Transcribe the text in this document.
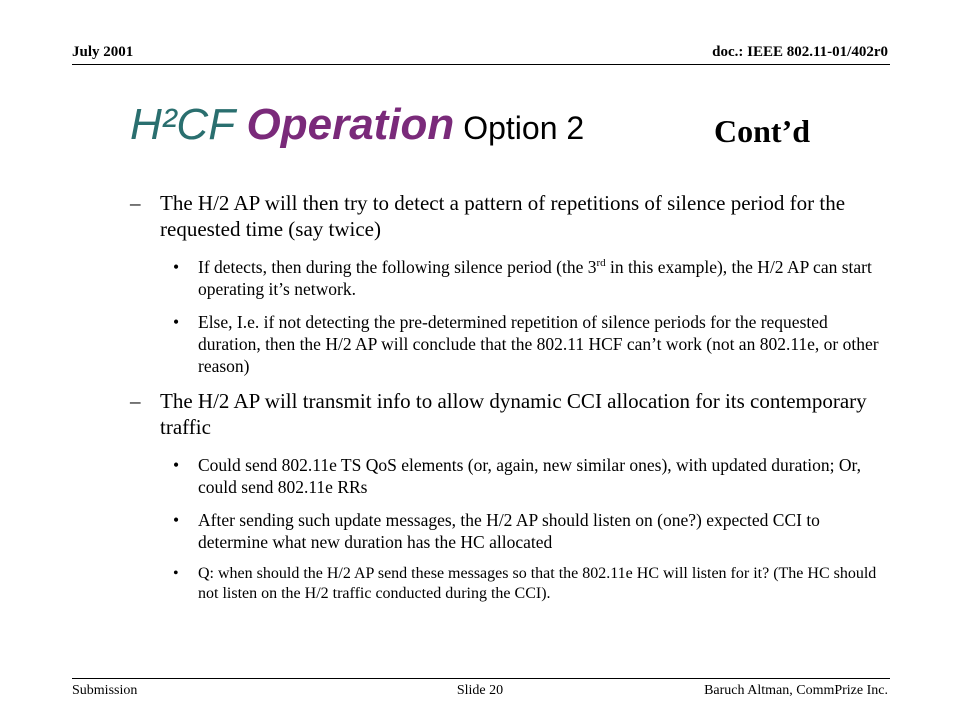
July 2001	doc.: IEEE 802.11-01/402r0
H²CF Operation Option 2	Cont’d
– The H/2 AP will then try to detect a pattern of repetitions of silence period for the requested time (say twice)
• If detects, then during the following silence period (the 3rd in this example), the H/2 AP can start operating it’s network.
• Else, I.e. if not detecting the pre-determined repetition of silence periods for the requested duration, then the H/2 AP will conclude that the 802.11 HCF can’t work (not an 802.11e, or other reason)
– The H/2 AP will transmit info to allow dynamic CCI allocation for its contemporary traffic
• Could send 802.11e TS QoS elements (or, again, new similar ones), with updated duration; Or, could send 802.11e RRs
• After sending such update messages, the H/2 AP should listen on (one?) expected CCI to determine what new duration has the HC allocated
• Q: when should the H/2 AP send these messages so that the 802.11e HC will listen for it? (The HC should not listen on the H/2 traffic conducted during the CCI).
Submission	Slide 20	Baruch Altman, CommPrize Inc.
